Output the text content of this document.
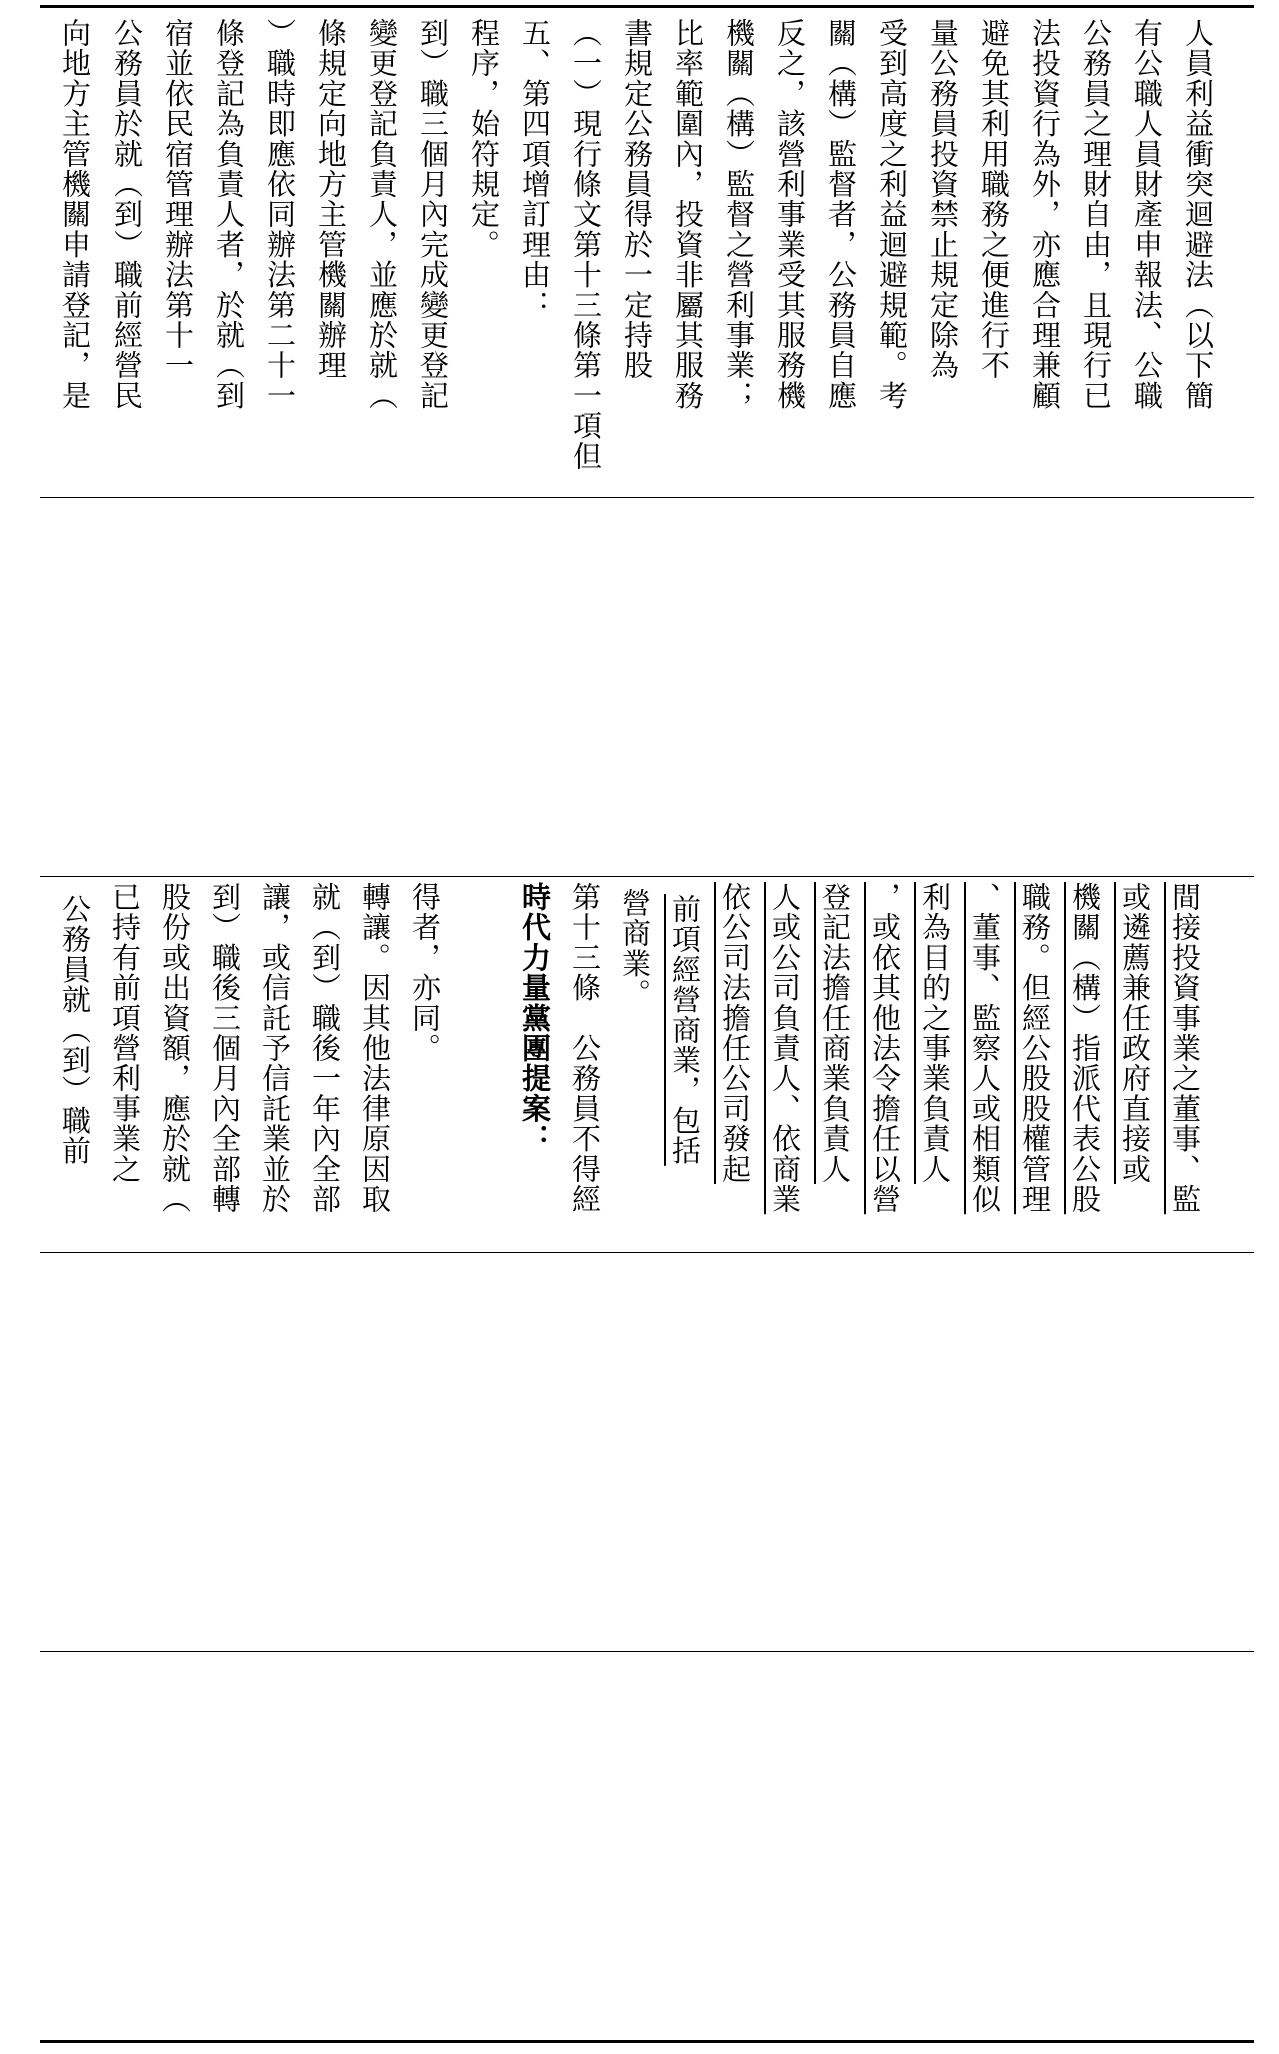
向地方主管機關申請登記，是 公務員於就（到）職前經營民 宿並依民宿管理辦法第十一 條登記為負責人者，於就（到 ）職時即應依同辦法第二十一 條規定向地方主管機關辦理 變更登記負責人，並應於就（ 到）職三個月內完成變更登記 程序，始符規定。 五、第四項增訂理由： （一）現行條文第十三條第一項但 書規定公務員得於一定持股 比率範圍內，投資非屬其服務 機關（構）監督之營利事業； 反之，該營利事業受其服務機 關（構）監督者，公務員自應 受到高度之利益迴避規範。考 量公務員投資禁止規定除為 避免其利用職務之便進行不 法投資行為外，亦應合理兼顧 公務員之理財自由，且現行已 有公職人員財產申報法、公職 人員利益衝突迴避法（以下簡
公務員就（到）職前 已持有前項營利事業之 股份或出資額，應於就（ 到）職後三個月內全部轉 讓，或信託予信託業並於 就（到）職後一年內全部 轉讓。因其他法律原因取 得者，亦同。	時代力量黨團提案： 第十三條　公務員不得經 營商業。 前項經營商業，包括 依公司法擔任公司發起 人或公司負責人、依商業 登記法擔任商業負責人 ，或依其他法令擔任以營 利為目的之事業負責人 、董事、監察人或相類似 職務。但經公股股權管理 機關（構）指派代表公股 或遴薦兼任政府直接或 間接投資事業之董事、監
